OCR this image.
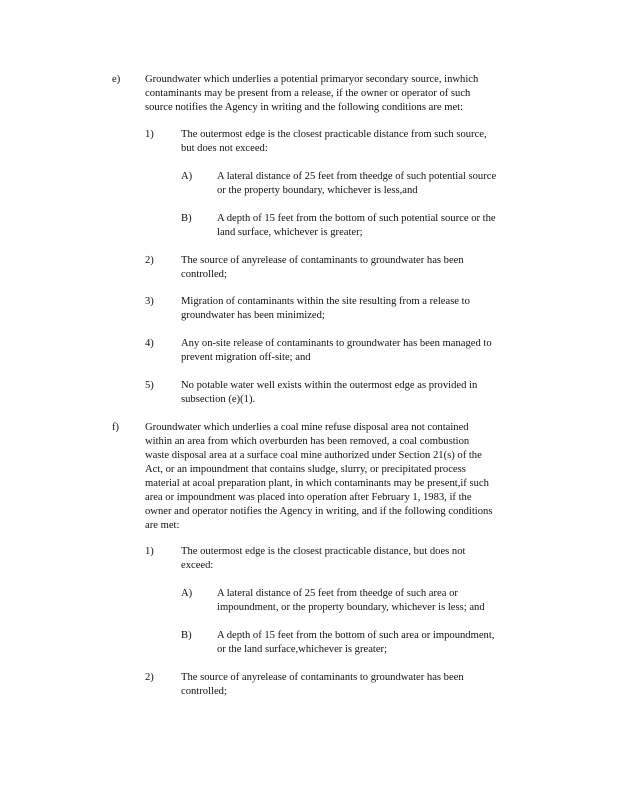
e) Groundwater which underlies a potential primaryor secondary source, inwhich
contaminants may be present from a release, if the owner or operator of such
source notifies the Agency in writing and the following conditions are met:
1)	The outermost edge is the closest practicable distance from such source,
but does not exceed:
A) A lateral distance of 25 feet from theedge of such potential source
or the property boundary, whichever is less,and
B) A depth of 15 feet from the bottom of such potential source or the
land surface, whichever is greater;
2)	The source of anyrelease of contaminants to groundwater has been
controlled;
3)	Migration of contaminants within the site resulting from a release to
groundwater has been minimized;
4)	Any on-site release of contaminants to groundwater has been managed to
prevent migration off-site; and
5)	No potable water well exists within the outermost edge as provided in
subsection (e)(1).
f) Groundwater which underlies a coal mine refuse disposal area not contained
within an area from which overburden has been removed, a coal combustion
waste disposal area at a surface coal mine authorized under Section 21(s) of the
Act, or an impoundment that contains sludge, slurry, or precipitated process
material at acoal preparation plant, in which contaminants may be present,if such
area or impoundment was placed into operation after February 1, 1983, if the
owner and operator notifies the Agency in writing, and if the following conditions
are met:
1)	The outermost edge is the closest practicable distance, but does not
exceed:
A) A lateral distance of 25 feet from theedge of such area or
impoundment, or the property boundary, whichever is less; and
B) A depth of 15 feet from the bottom of such area or impoundment,
or the land surface,whichever is greater;
2)	The source of anyrelease of contaminants to groundwater has been
controlled;
